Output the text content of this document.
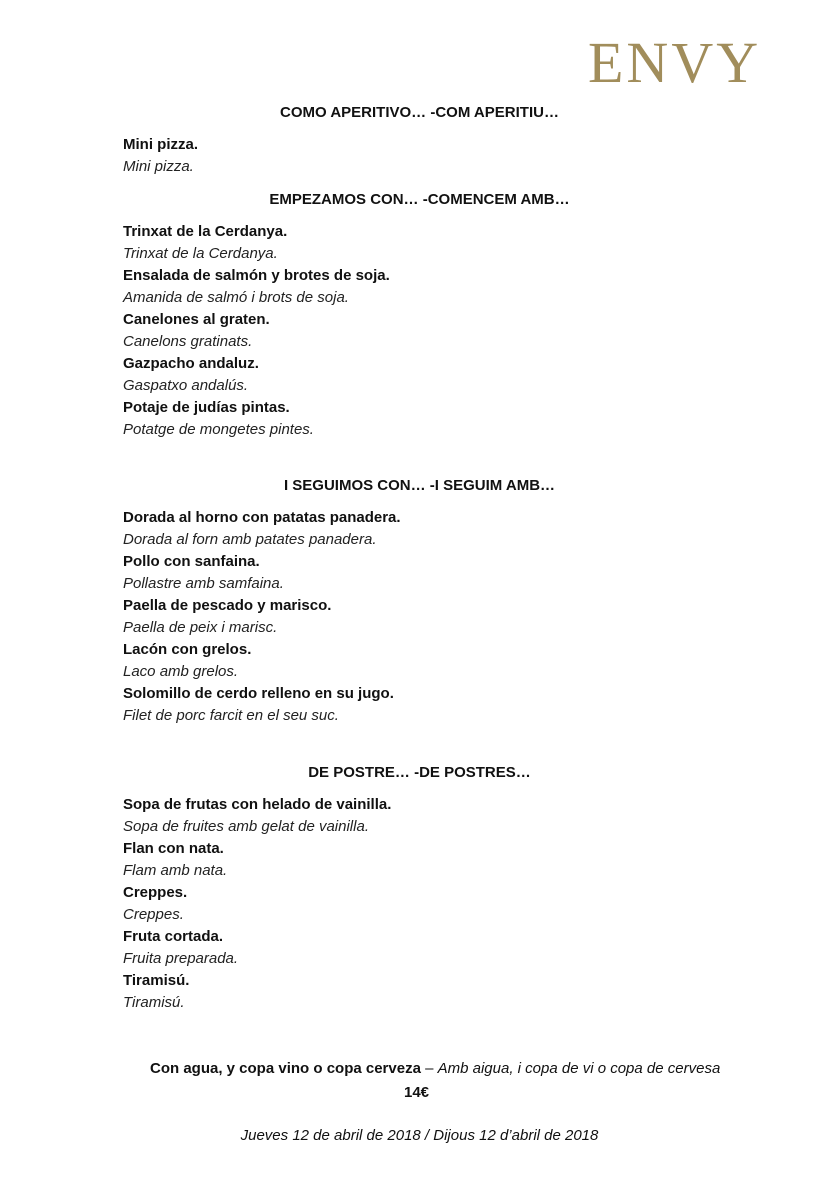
ENVY
COMO APERITIVO… -COM APERITIU…

Mini pizza.

Mini pizza.

EMPEZAMOS CON… -COMENCEM AMB…

Trinxat de la Cerdanya.

Trinxat de la Cerdanya.

Ensalada de salmón y brotes de soja.

Amanida de salmó i brots de soja.

Canelones al graten.

Canelons gratinats.

Gazpacho andaluz.

Gaspatxo andalús.

Potaje de judías pintas.

Potatge de mongetes pintes.

I SEGUIMOS CON… -I SEGUIM AMB…

Dorada al horno con patatas panadera.

Dorada al forn amb patates panadera.

Pollo con sanfaina.

Pollastre amb samfaina.

Paella de pescado y marisco.

Paella de peix i marisc.

Lacón con grelos.

Laco amb grelos.

Solomillo de cerdo relleno en su jugo.

Filet de porc farcit en el seu suc.

DE POSTRE… -DE POSTRES…

Sopa de frutas con helado de vainilla.

Sopa de fruites amb gelat de vainilla.

Flan con nata.

Flam amb nata.

Creppes.

Creppes.

Fruta cortada.

Fruita preparada.

Tiramisú.

Tiramisú.

Con agua, y copa vino o copa cerveza – Amb aigua, i copa de vi o copa de cervesa
14€
Jueves 12 de abril de 2018 / Dijous 12 d’abril de 2018
